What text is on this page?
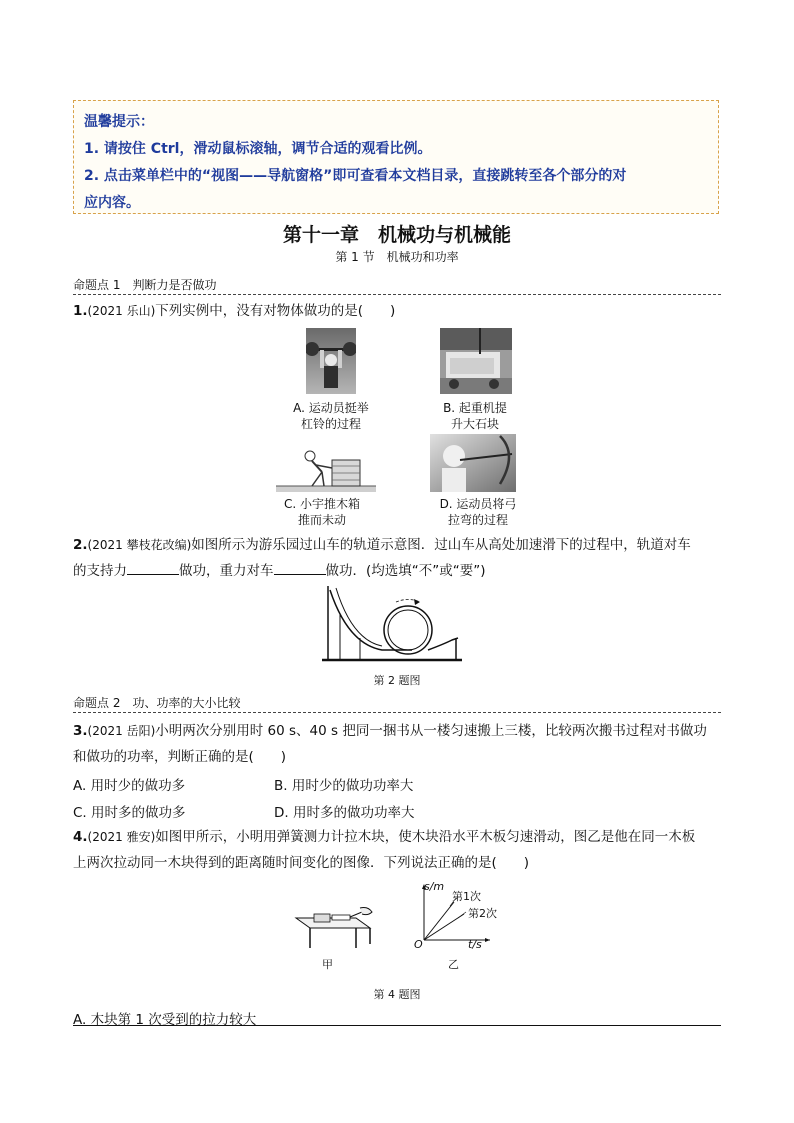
温馨提示：
1. 请按住 Ctrl，滑动鼠标滚轴，调节合适的观看比例。
2. 点击菜单栏中的“视图——导航窗格”即可查看本文档目录，直接跳转至各个部分的对
应内容。
第十一章　机械功与机械能
第 1 节　机械功和功率
命题点 1　判断力是否做功
1.(2021 乐山)下列实例中，没有对物体做功的是(　　)
A. 运动员挺举
杠铃的过程
B. 起重机提
升大石块
C. 小宇推木箱
推而未动
D. 运动员将弓
拉弯的过程
2.(2021 攀枝花改编)如图所示为游乐园过山车的轨道示意图．过山车从高处加速滑下的过程中，轨道对车
的支持力	做功，重力对车	做功．(均选填“不”或“要”)
第 2 题图
命题点 2　功、功率的大小比较
3.(2021 岳阳)小明两次分别用时 60 s、40 s 把同一捆书从一楼匀速搬上三楼，比较两次搬书过程对书做功
和做功的功率，判断正确的是(　　)
A. 用时少的做功多	B. 用时少的做功功率大
C. 用时多的做功多	D. 用时多的做功功率大
4.(2021 雅安)如图甲所示，小明用弹簧测力计拉木块，使木块沿水平木板匀速滑动，图乙是他在同一木板
上两次拉动同一木块得到的距离随时间变化的图像．下列说法正确的是(　　)
甲
s/m
t/s
O
第1次
第2次
乙
第 4 题图
A. 木块第 1 次受到的拉力较大
